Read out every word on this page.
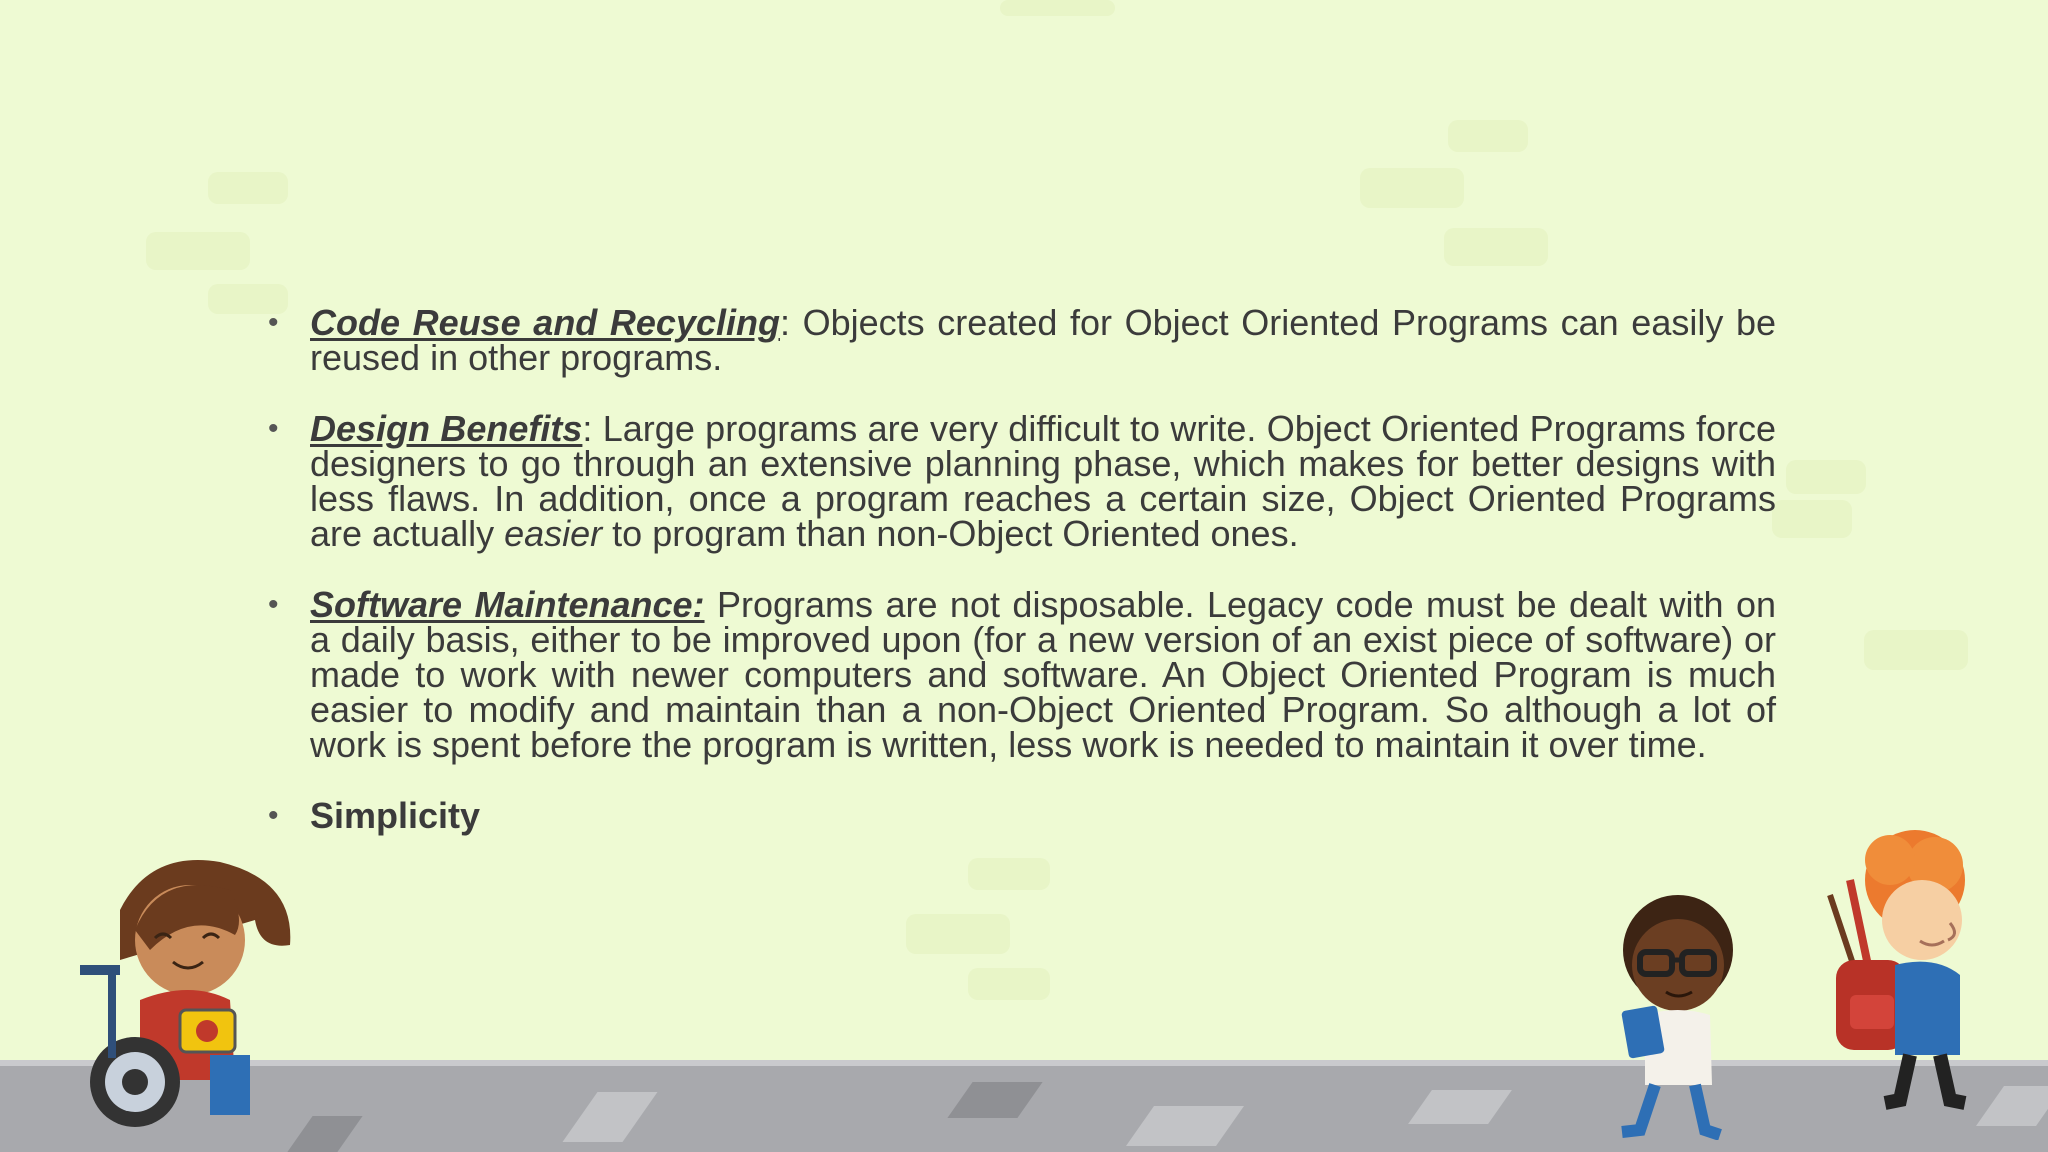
• Code Reuse and Recycling: Objects created for Object Oriented Programs can easily be reused in other programs.
• Design Benefits: Large programs are very difficult to write. Object Oriented Programs force designers to go through an extensive planning phase, which makes for better designs with less flaws. In addition, once a program reaches a certain size, Object Oriented Programs are actually easier to program than non-Object Oriented ones.
• Software Maintenance: Programs are not disposable. Legacy code must be dealt with on a daily basis, either to be improved upon (for a new version of an exist piece of software) or made to work with newer computers and software. An Object Oriented Program is much easier to modify and maintain than a non-Object Oriented Program. So although a lot of work is spent before the program is written, less work is needed to maintain it over time.
• Simplicity
